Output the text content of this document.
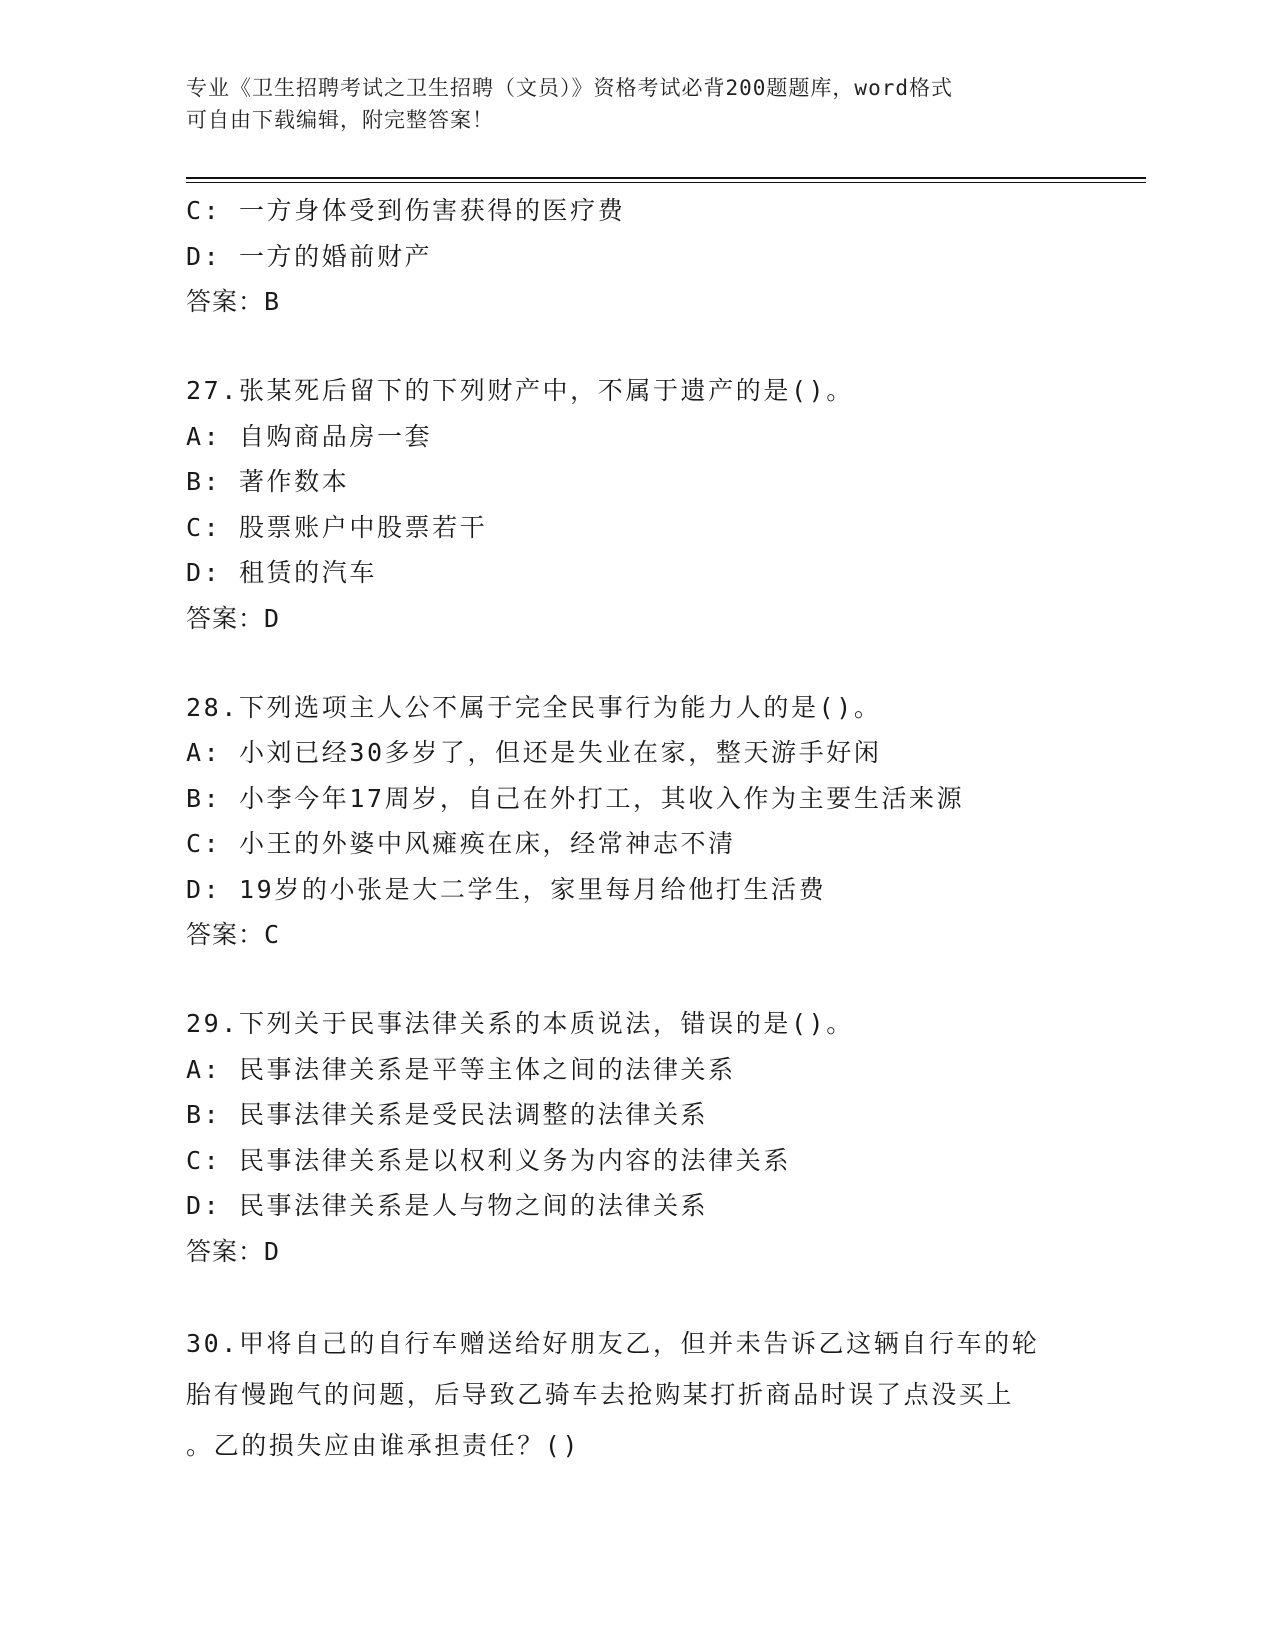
专业《卫生招聘考试之卫生招聘（文员）》资格考试必背200题题库，word格式
可自由下载编辑，附完整答案！
C: 一方身体受到伤害获得的医疗费
D: 一方的婚前财产
答案：B
27.张某死后留下的下列财产中，不属于遗产的是()。
A: 自购商品房一套
B: 著作数本
C: 股票账户中股票若干
D: 租赁的汽车
答案：D
28.下列选项主人公不属于完全民事行为能力人的是()。
A: 小刘已经30多岁了，但还是失业在家，整天游手好闲
B: 小李今年17周岁，自己在外打工，其收入作为主要生活来源
C: 小王的外婆中风瘫痪在床，经常神志不清
D: 19岁的小张是大二学生，家里每月给他打生活费
答案：C
29.下列关于民事法律关系的本质说法，错误的是()。
A: 民事法律关系是平等主体之间的法律关系
B: 民事法律关系是受民法调整的法律关系
C: 民事法律关系是以权利义务为内容的法律关系
D: 民事法律关系是人与物之间的法律关系
答案：D
30.甲将自己的自行车赠送给好朋友乙，但并未告诉乙这辆自行车的轮
胎有慢跑气的问题，后导致乙骑车去抢购某打折商品时误了点没买上
。乙的损失应由谁承担责任？()
